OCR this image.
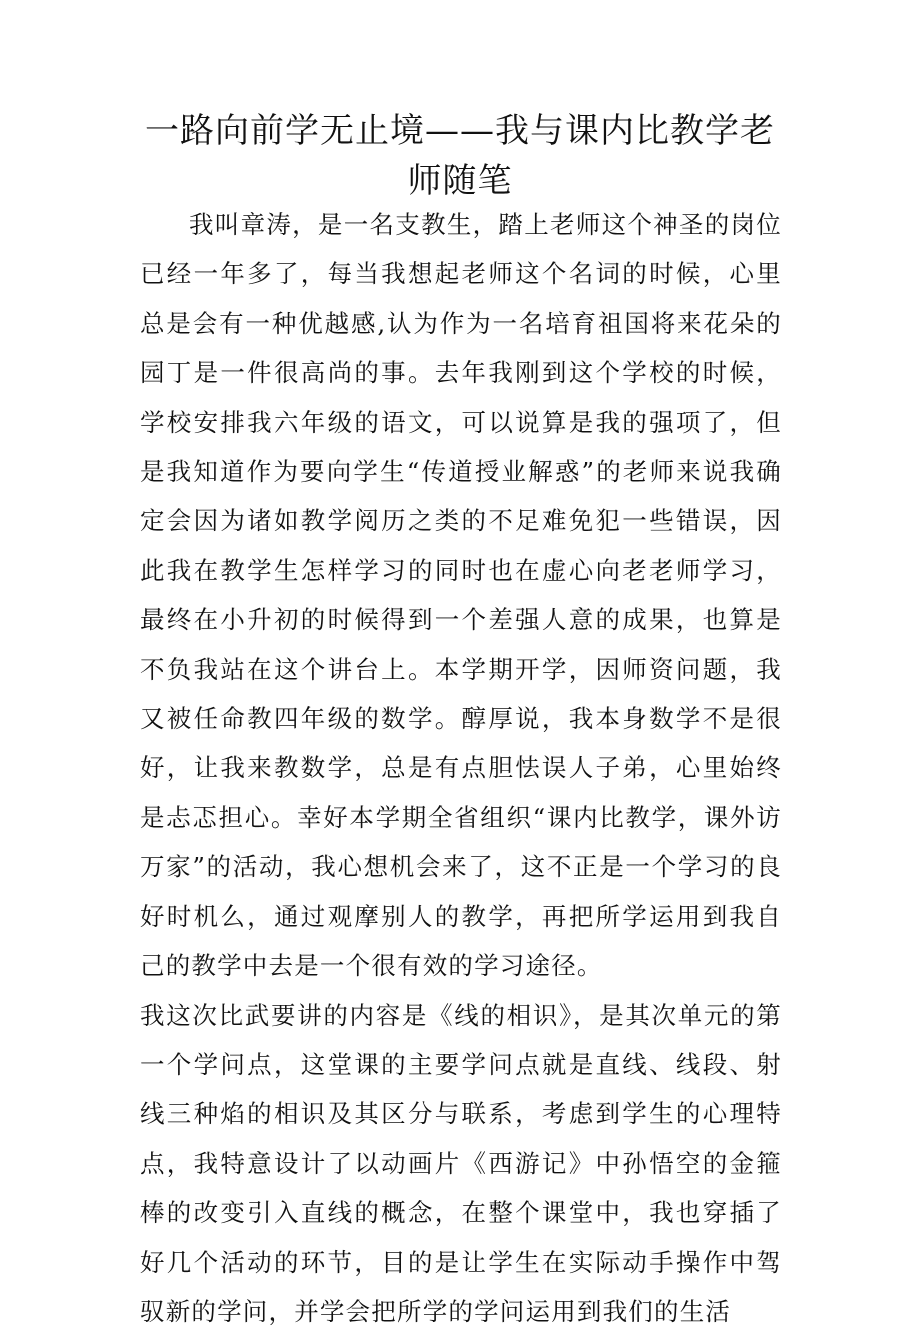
一路向前学无止境——我与课内比教学老师随笔

我叫章涛，是一名支教生，踏上老师这个神圣的岗位已经一年多了，每当我想起老师这个名词的时候，心里总是会有一种优越感,认为作为一名培育祖国将来花朵的园丁是一件很高尚的事。去年我刚到这个学校的时候，学校安排我六年级的语文，可以说算是我的强项了，但是我知道作为要向学生“传道授业解惑”的老师来说我确定会因为诸如教学阅历之类的不足难免犯一些错误，因此我在教学生怎样学习的同时也在虚心向老老师学习，最终在小升初的时候得到一个差强人意的成果，也算是不负我站在这个讲台上。本学期开学，因师资问题，我又被任命教四年级的数学。醇厚说，我本身数学不是很好，让我来教数学，总是有点胆怯误人子弟，心里始终是忐忑担心。幸好本学期全省组织“课内比教学，课外访万家”的活动，我心想机会来了，这不正是一个学习的良好时机么，通过观摩别人的教学，再把所学运用到我自己的教学中去是一个很有效的学习途径。

我这次比武要讲的内容是《线的相识》，是其次单元的第一个学问点，这堂课的主要学问点就是直线、线段、射线三种焰的相识及其区分与联系，考虑到学生的心理特点，我特意设计了以动画片《西游记》中孙悟空的金箍棒的改变引入直线的概念，在整个课堂中，我也穿插了好几个活动的环节，目的是让学生在实际动手操作中驾驭新的学问，并学会把所学的学问运用到我们的生活
